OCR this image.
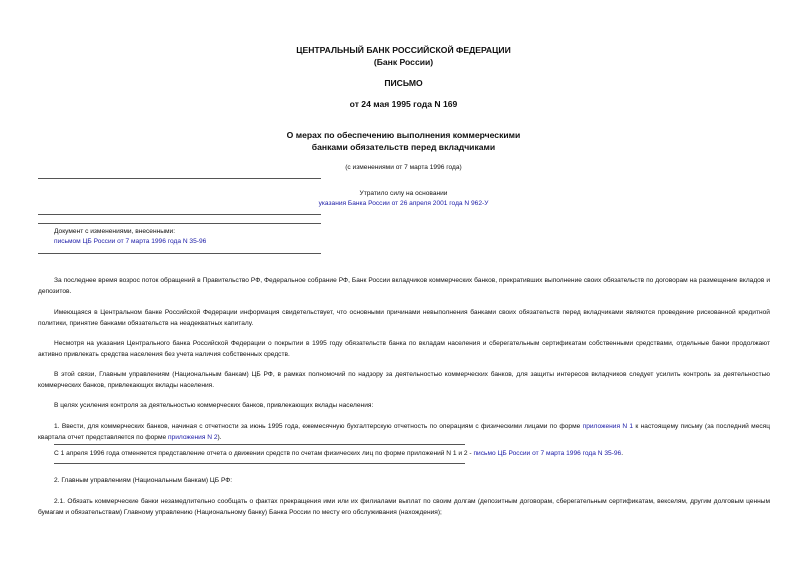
ЦЕНТРАЛЬНЫЙ БАНК РОССИЙСКОЙ ФЕДЕРАЦИИ
(Банк России)
ПИСЬМО
от 24 мая 1995 года N 169
О мерах по обеспечению выполнения коммерческими
банками обязательств перед вкладчиками
(с изменениями от 7 марта 1996 года)
Утратило силу на основании
указания Банка России от 26 апреля 2001 года N 962-У
Документ с изменениями, внесенными:
письмом ЦБ России от 7 марта 1996 года N 35-96
За последнее время возрос поток обращений в Правительство РФ, Федеральное собрание РФ, Банк России вкладчиков коммерческих банков, прекративших выполнение своих обязательств по договорам на размещение вкладов и депозитов.
Имеющаяся в Центральном банке Российской Федерации информация свидетельствует, что основными причинами невыполнения банками своих обязательств перед вкладчиками являются проведение рискованной кредитной политики, принятие банками обязательств на неадекватных капиталу.
Несмотря на указания Центрального банка Российской Федерации о покрытии в 1995 году обязательств банка по вкладам населения и сберегательным сертификатам собственными средствами, отдельные банки продолжают активно привлекать средства населения без учета наличия собственных средств.
В этой связи, Главным управлениям (Национальным банкам) ЦБ РФ, в рамках полномочий по надзору за деятельностью коммерческих банков, для защиты интересов вкладчиков следует усилить контроль за деятельностью коммерческих банков, привлекающих вклады населения.
В целях усиления контроля за деятельностью коммерческих банков, привлекающих вклады населения:
1. Ввести, для коммерческих банков, начиная с отчетности за июнь 1995 года, ежемесячную бухгалтерскую отчетность по операциям с физическими лицами по форме приложения N 1 к настоящему письму (за последний месяц квартала отчет представляется по форме приложения N 2).
С 1 апреля 1996 года отменяется представление отчета о движении средств по счетам физических лиц по форме приложений N 1 и 2 - письмо ЦБ России от 7 марта 1996 года N 35-96.
2. Главным управлениям (Национальным банкам) ЦБ РФ:
2.1. Обязать коммерческие банки незамедлительно сообщать о фактах прекращения ими или их филиалами выплат по своим долгам (депозитным договорам, сберегательным сертификатам, векселям, другим долговым ценным бумагам и обязательствам) Главному управлению (Национальному банку) Банка России по месту его обслуживания (нахождения);
